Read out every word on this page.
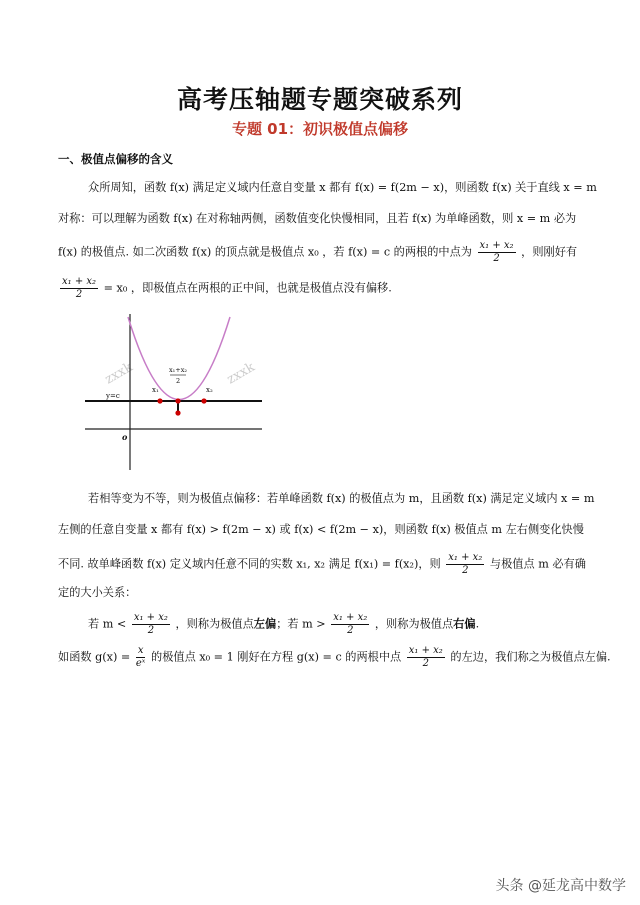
高考压轴题专题突破系列
专题 01：初识极值点偏移
一、极值点偏移的含义
众所周知，函数 f(x) 满足定义域内任意自变量 x 都有 f(x) = f(2m − x)，则函数 f(x) 关于直线 x = m
对称：可以理解为函数 f(x) 在对称轴两侧，函数值变化快慢相同，且若 f(x) 为单峰函数，则 x = m 必为
f(x) 的极值点. 如二次函数 f(x) 的顶点就是极值点 x₀ ，若 f(x) = c 的两根的中点为 $\frac{\text{x₁ + x₂}}{2}$ ，则刚好有
$\frac{\text{x₁ + x₂}}{2} = x_0$ ，即极值点在两根的正中间，也就是极值点没有偏移.
zxxk	zxxk
y=c
x₁	x₂
x₁+x₂
2
o
若相等变为不等，则为极值点偏移：若单峰函数 f(x) 的极值点为 m，且函数 f(x) 满足定义域内 x = m
左侧的任意自变量 x 都有 f(x) > f(2m − x) 或 f(x) < f(2m − x)，则函数 f(x) 极值点 m 左右侧变化快慢
不同. 故单峰函数 f(x) 定义域内任意不同的实数 x₁, x₂ 满足 f(x₁) = f(x₂)，则 $\frac{\text{x₁ + x₂}}{2}$ 与极值点 m 必有确
定的大小关系：
若 $m < \frac{\text{x₁ + x₂}}{2}$ ，则称为极值点左偏；若 $m > \frac{\text{x₁ + x₂}}{2}$ ，则称为极值点右偏.
如函数 $g(x) = \frac{x}{\text{eˣ}}$ 的极值点 x₀ = 1 刚好在方程 g(x) = c 的两根中点 $\frac{\text{x₁ + x₂}}{2}$ 的左边，我们称之为极值点左偏.
头条 @延龙高中数学
